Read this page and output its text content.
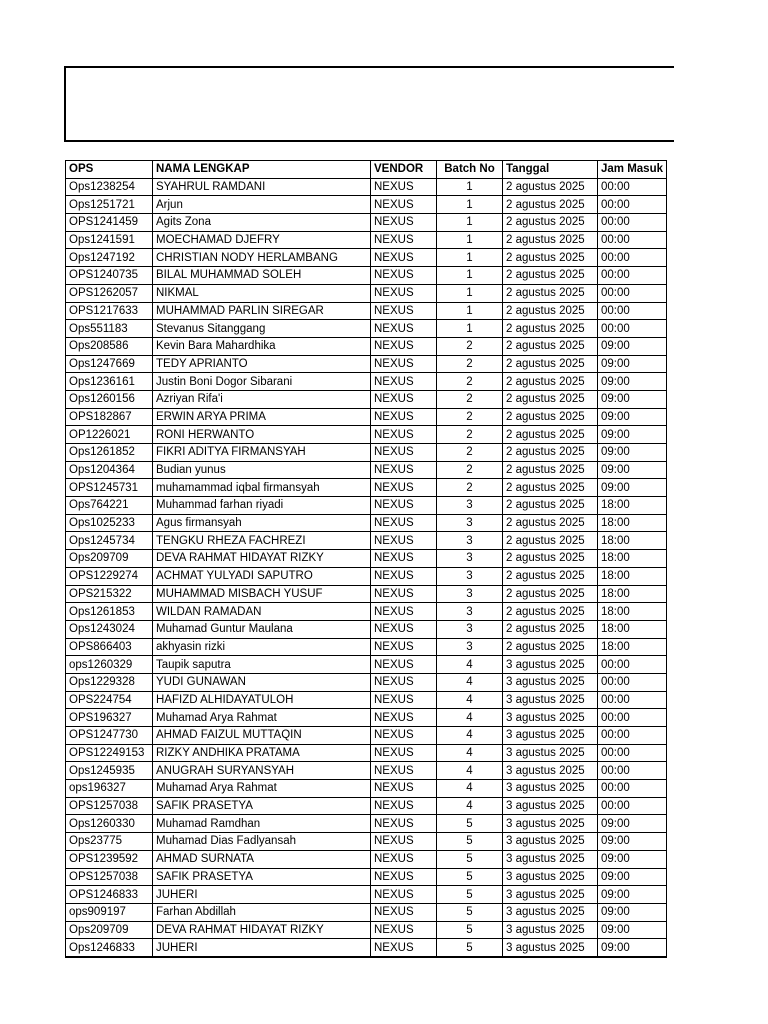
OPS	NAMA LENGKAP	VENDOR	Batch No	Tanggal	Jam Masuk
Ops1238254	SYAHRUL RAMDANI	NEXUS	1	2 agustus 2025	00:00
Ops1251721	Arjun	NEXUS	1	2 agustus 2025	00:00
OPS1241459	Agits Zona	NEXUS	1	2 agustus 2025	00:00
Ops1241591	MOECHAMAD DJEFRY	NEXUS	1	2 agustus 2025	00:00
Ops1247192	CHRISTIAN NODY HERLAMBANG	NEXUS	1	2 agustus 2025	00:00
OPS1240735	BILAL MUHAMMAD SOLEH	NEXUS	1	2 agustus 2025	00:00
OPS1262057	NIKMAL	NEXUS	1	2 agustus 2025	00:00
OPS1217633	MUHAMMAD PARLIN SIREGAR	NEXUS	1	2 agustus 2025	00:00
Ops551183	Stevanus Sitanggang	NEXUS	1	2 agustus 2025	00:00
Ops208586	Kevin Bara Mahardhika	NEXUS	2	2 agustus 2025	09:00
Ops1247669	TEDY APRIANTO	NEXUS	2	2 agustus 2025	09:00
Ops1236161	Justin Boni Dogor Sibarani	NEXUS	2	2 agustus 2025	09:00
Ops1260156	Azriyan Rifa'i	NEXUS	2	2 agustus 2025	09:00
OPS182867	ERWIN ARYA PRIMA	NEXUS	2	2 agustus 2025	09:00
OP1226021	RONI HERWANTO	NEXUS	2	2 agustus 2025	09:00
Ops1261852	FIKRI ADITYA FIRMANSYAH	NEXUS	2	2 agustus 2025	09:00
Ops1204364	Budian yunus	NEXUS	2	2 agustus 2025	09:00
OPS1245731	muhamammad iqbal firmansyah	NEXUS	2	2 agustus 2025	09:00
Ops764221	Muhammad farhan riyadi	NEXUS	3	2 agustus 2025	18:00
Ops1025233	Agus firmansyah	NEXUS	3	2 agustus 2025	18:00
Ops1245734	TENGKU RHEZA FACHREZI	NEXUS	3	2 agustus 2025	18:00
Ops209709	DEVA RAHMAT HIDAYAT RIZKY	NEXUS	3	2 agustus 2025	18:00
OPS1229274	ACHMAT YULYADI SAPUTRO	NEXUS	3	2 agustus 2025	18:00
OPS215322	MUHAMMAD MISBACH YUSUF	NEXUS	3	2 agustus 2025	18:00
Ops1261853	WILDAN RAMADAN	NEXUS	3	2 agustus 2025	18:00
Ops1243024	Muhamad Guntur Maulana	NEXUS	3	2 agustus 2025	18:00
OPS866403	akhyasin rizki	NEXUS	3	2 agustus 2025	18:00
ops1260329	Taupik saputra	NEXUS	4	3 agustus 2025	00:00
Ops1229328	YUDI GUNAWAN	NEXUS	4	3 agustus 2025	00:00
OPS224754	HAFIZD ALHIDAYATULOH	NEXUS	4	3 agustus 2025	00:00
OPS196327	Muhamad Arya Rahmat	NEXUS	4	3 agustus 2025	00:00
OPS1247730	AHMAD FAIZUL MUTTAQIN	NEXUS	4	3 agustus 2025	00:00
OPS12249153	RIZKY ANDHIKA PRATAMA	NEXUS	4	3 agustus 2025	00:00
Ops1245935	ANUGRAH SURYANSYAH	NEXUS	4	3 agustus 2025	00:00
ops196327	Muhamad Arya Rahmat	NEXUS	4	3 agustus 2025	00:00
OPS1257038	SAFIK PRASETYA	NEXUS	4	3 agustus 2025	00:00
Ops1260330	Muhamad Ramdhan	NEXUS	5	3 agustus 2025	09:00
Ops23775	Muhamad Dias Fadlyansah	NEXUS	5	3 agustus 2025	09:00
OPS1239592	AHMAD SURNATA	NEXUS	5	3 agustus 2025	09:00
OPS1257038	SAFIK PRASETYA	NEXUS	5	3 agustus 2025	09:00
OPS1246833	JUHERI	NEXUS	5	3 agustus 2025	09:00
ops909197	Farhan Abdillah	NEXUS	5	3 agustus 2025	09:00
Ops209709	DEVA RAHMAT HIDAYAT RIZKY	NEXUS	5	3 agustus 2025	09:00
Ops1246833	JUHERI	NEXUS	5	3 agustus 2025	09:00
